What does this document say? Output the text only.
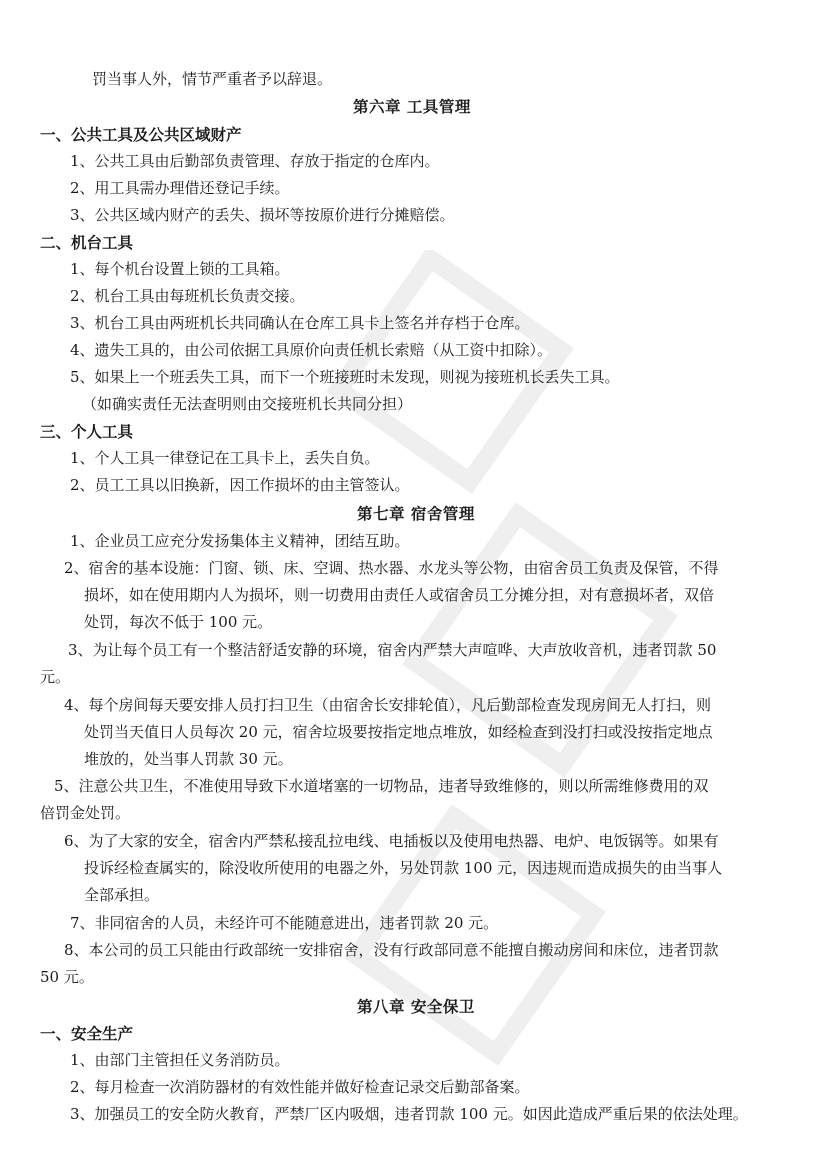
罚当事人外，情节严重者予以辞退。
第六章 工具管理
一、公共工具及公共区域财产
1、公共工具由后勤部负责管理、存放于指定的仓库内。
2、用工具需办理借还登记手续。
3、公共区域内财产的丢失、损坏等按原价进行分摊赔偿。
二、机台工具
1、每个机台设置上锁的工具箱。
2、机台工具由每班机长负责交接。
3、机台工具由两班机长共同确认在仓库工具卡上签名并存档于仓库。
4、遗失工具的，由公司依据工具原价向责任机长索赔（从工资中扣除）。
5、如果上一个班丢失工具，而下一个班接班时未发现，则视为接班机长丢失工具。
（如确实责任无法查明则由交接班机长共同分担）
三、个人工具
1、个人工具一律登记在工具卡上，丢失自负。
2、员工工具以旧换新，因工作损坏的由主管签认。
第七章 宿舍管理
1、企业员工应充分发扬集体主义精神，团结互助。
2、宿舍的基本设施：门窗、锁、床、空调、热水器、水龙头等公物，由宿舍员工负责及保管，不得
损坏，如在使用期内人为损坏，则一切费用由责任人或宿舍员工分摊分担，对有意损坏者，双倍
处罚，每次不低于 100 元。
3、为让每个员工有一个整洁舒适安静的环境，宿舍内严禁大声喧哗、大声放收音机，违者罚款 50
元。
4、每个房间每天要安排人员打扫卫生（由宿舍长安排轮值），凡后勤部检查发现房间无人打扫，则
处罚当天值日人员每次 20 元，宿舍垃圾要按指定地点堆放，如经检查到没打扫或没按指定地点
堆放的，处当事人罚款 30 元。
5、注意公共卫生，不准使用导致下水道堵塞的一切物品，违者导致维修的，则以所需维修费用的双
倍罚金处罚。
6、为了大家的安全，宿舍内严禁私接乱拉电线、电插板以及使用电热器、电炉、电饭锅等。如果有
投诉经检查属实的，除没收所使用的电器之外，另处罚款 100 元，因违规而造成损失的由当事人
全部承担。
7、非同宿舍的人员，未经许可不能随意进出，违者罚款 20 元。
8、本公司的员工只能由行政部统一安排宿舍，没有行政部同意不能擅自搬动房间和床位，违者罚款
50 元。
第八章 安全保卫
一、安全生产
1、由部门主管担任义务消防员。
2、每月检查一次消防器材的有效性能并做好检查记录交后勤部备案。
3、加强员工的安全防火教育，严禁厂区内吸烟，违者罚款 100 元。如因此造成严重后果的依法处理。
